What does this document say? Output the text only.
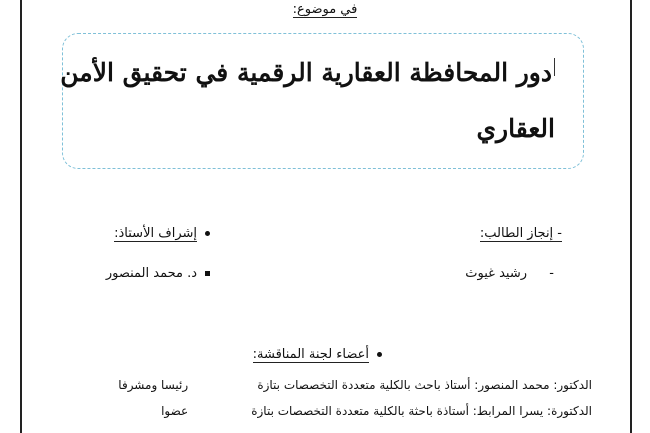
في موضوع:
دور المحافظة العقارية الرقمية في تحقيق الأمن
العقاري
- إنجاز الطالب:
-  رشيد غيوث
إشراف الأستاذ:
د. محمد المنصور
أعضاء لجنة المناقشة:
الدكتور: محمد المنصور: أستاذ باحث بالكلية متعددة التخصصات بتازة رئيسا ومشرفا
الدكتورة: يسرا المرابط: أستاذة باحثة بالكلية متعددة التخصصات بتازة عضوا
